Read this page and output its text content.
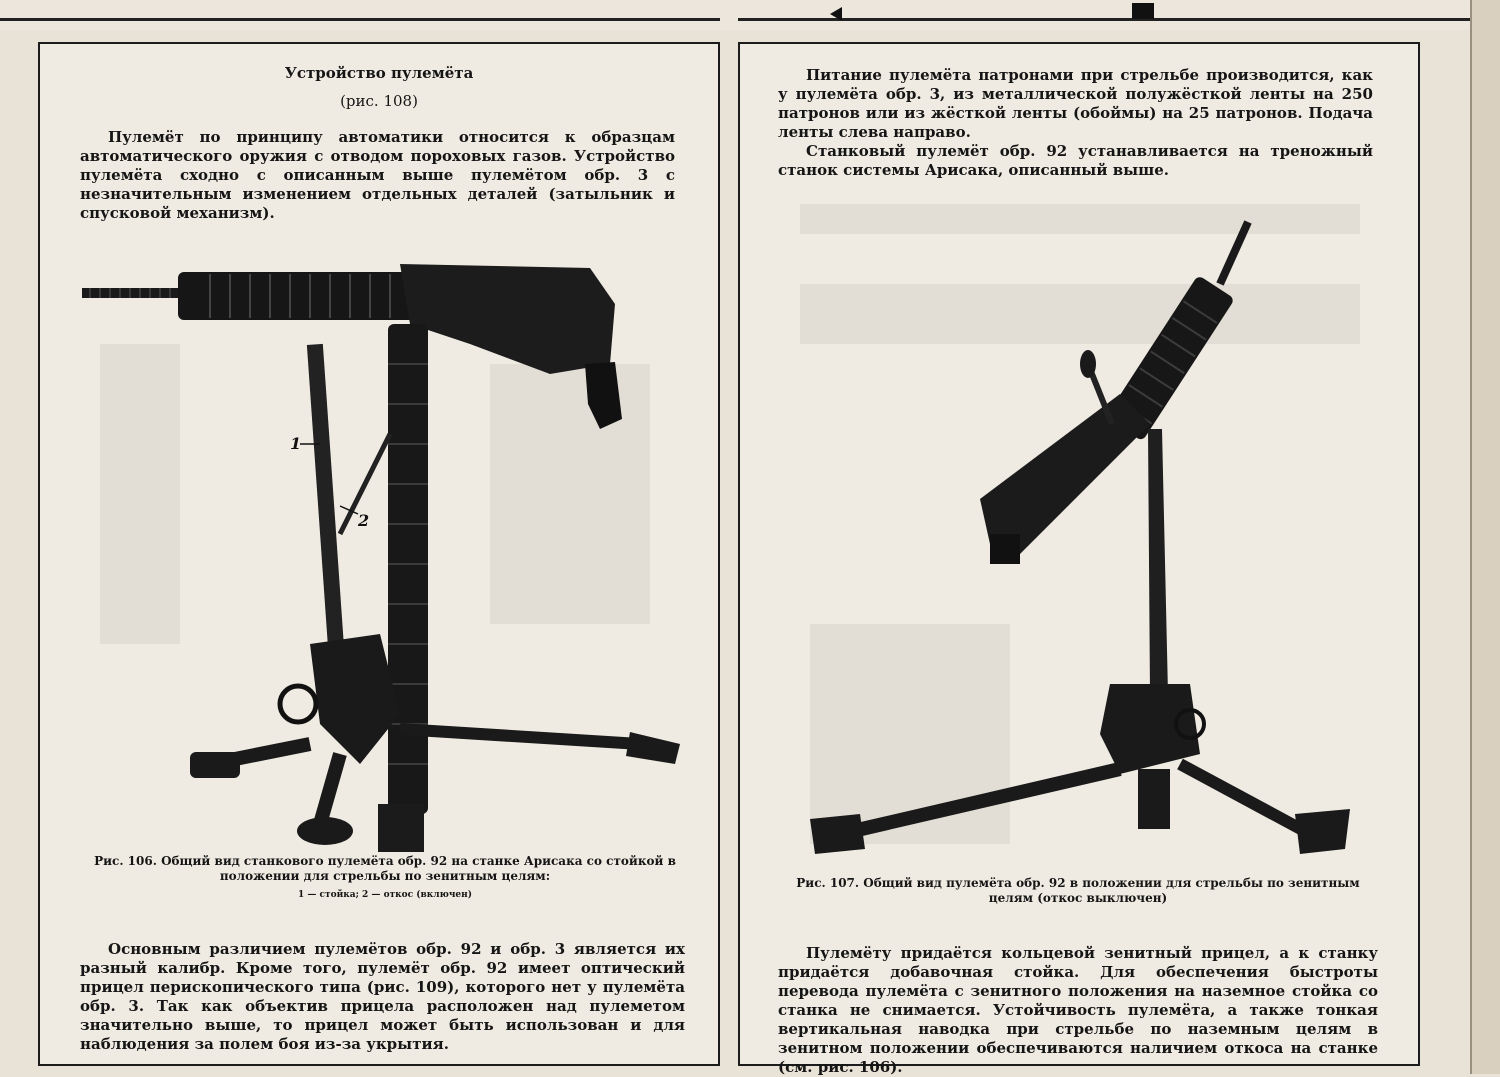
Устройство пулемёта
(рис. 108)
Пулемёт по принципу автоматики относится к образцам автоматического оружия с отводом пороховых газов. Устройство пулемёта сходно с описанным выше пулемётом обр. 3 с незначительным изменением отдельных деталей (затыльник и спусковой механизм).
1
2
Рис. 106. Общий вид станкового пулемёта обр. 92 на станке Арисака со стойкой в положении для стрельбы по зенитным целям:
1 — стойка; 2 — откос (включен)
Основным различием пулемётов обр. 92 и обр. 3 является их разный калибр. Кроме того, пулемёт обр. 92 имеет оптический прицел перископического типа (рис. 109), которого нет у пулемёта обр. 3. Так как объектив прицела расположен над пулеметом значительно выше, то прицел может быть использован и для наблюдения за полем боя из-за укрытия.
Питание пулемёта патронами при стрельбе производится, как у пулемёта обр. 3, из металлической полужёсткой ленты на 250 патронов или из жёсткой ленты (обоймы) на 25 патронов. Подача ленты слева направо.
Станковый пулемёт обр. 92 устанавливается на треножный станок системы Арисака, описанный выше.
Рис. 107. Общий вид пулемёта обр. 92 в положении для стрельбы по зенитным целям (откос выключен)
Пулемёту придаётся кольцевой зенитный прицел, а к станку придаётся добавочная стойка. Для обеспечения быстроты перевода пулемёта с зенитного положения на наземное стойка со станка не снимается. Устойчивость пулемёта, а также тонкая вертикальная наводка при стрельбе по наземным целям в зенитном положении обеспечиваются наличием откоса на станке (см. рис. 106).
